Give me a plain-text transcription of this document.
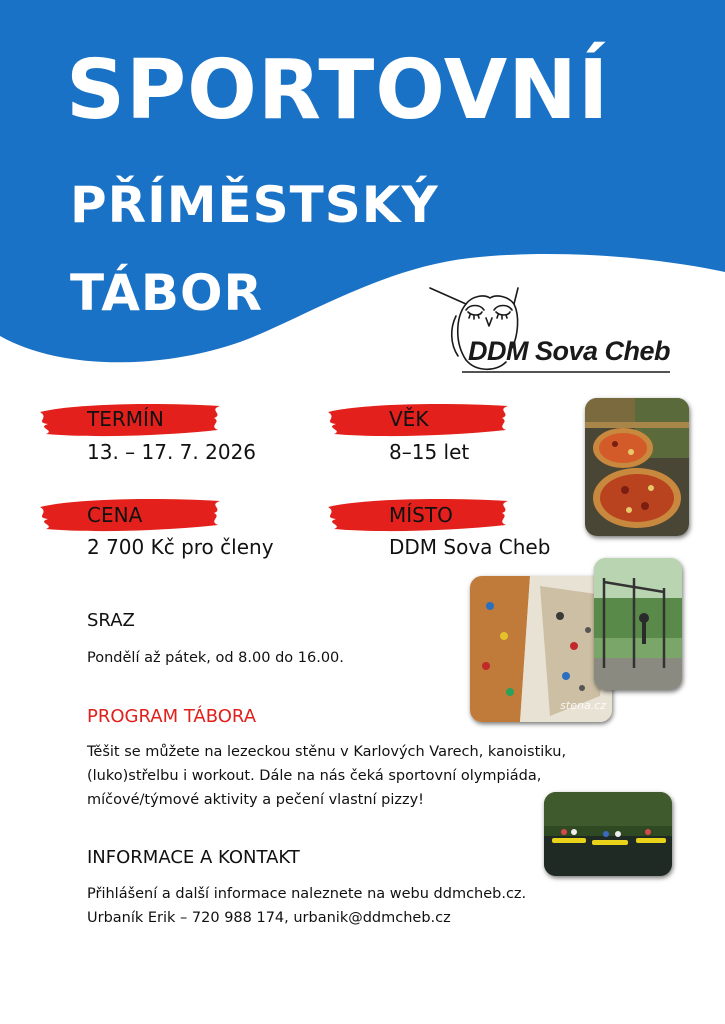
SPORTOVNÍ
PŘÍMĚSTSKÝ
TÁBOR
DDM Sova Cheb

TERMÍN

13. – 17. 7. 2026

VĚK

8–15 let

CENA

2 700 Kč pro členy

MÍSTO

DDM Sova Cheb

stena.cz

SRAZ

Pondělí až pátek, od 8.00 do 16.00.

PROGRAM TÁBORA

Těšit se můžete na lezeckou stěnu v Karlových Varech, kanoistiku,

(luko)střelbu i workout. Dále na nás čeká sportovní olympiáda,

míčové/týmové aktivity a pečení vlastní pizzy!

INFORMACE A KONTAKT

Přihlášení a další informace naleznete na webu ddmcheb.cz.

Urbaník Erik – 720 988 174, urbanik@ddmcheb.cz
